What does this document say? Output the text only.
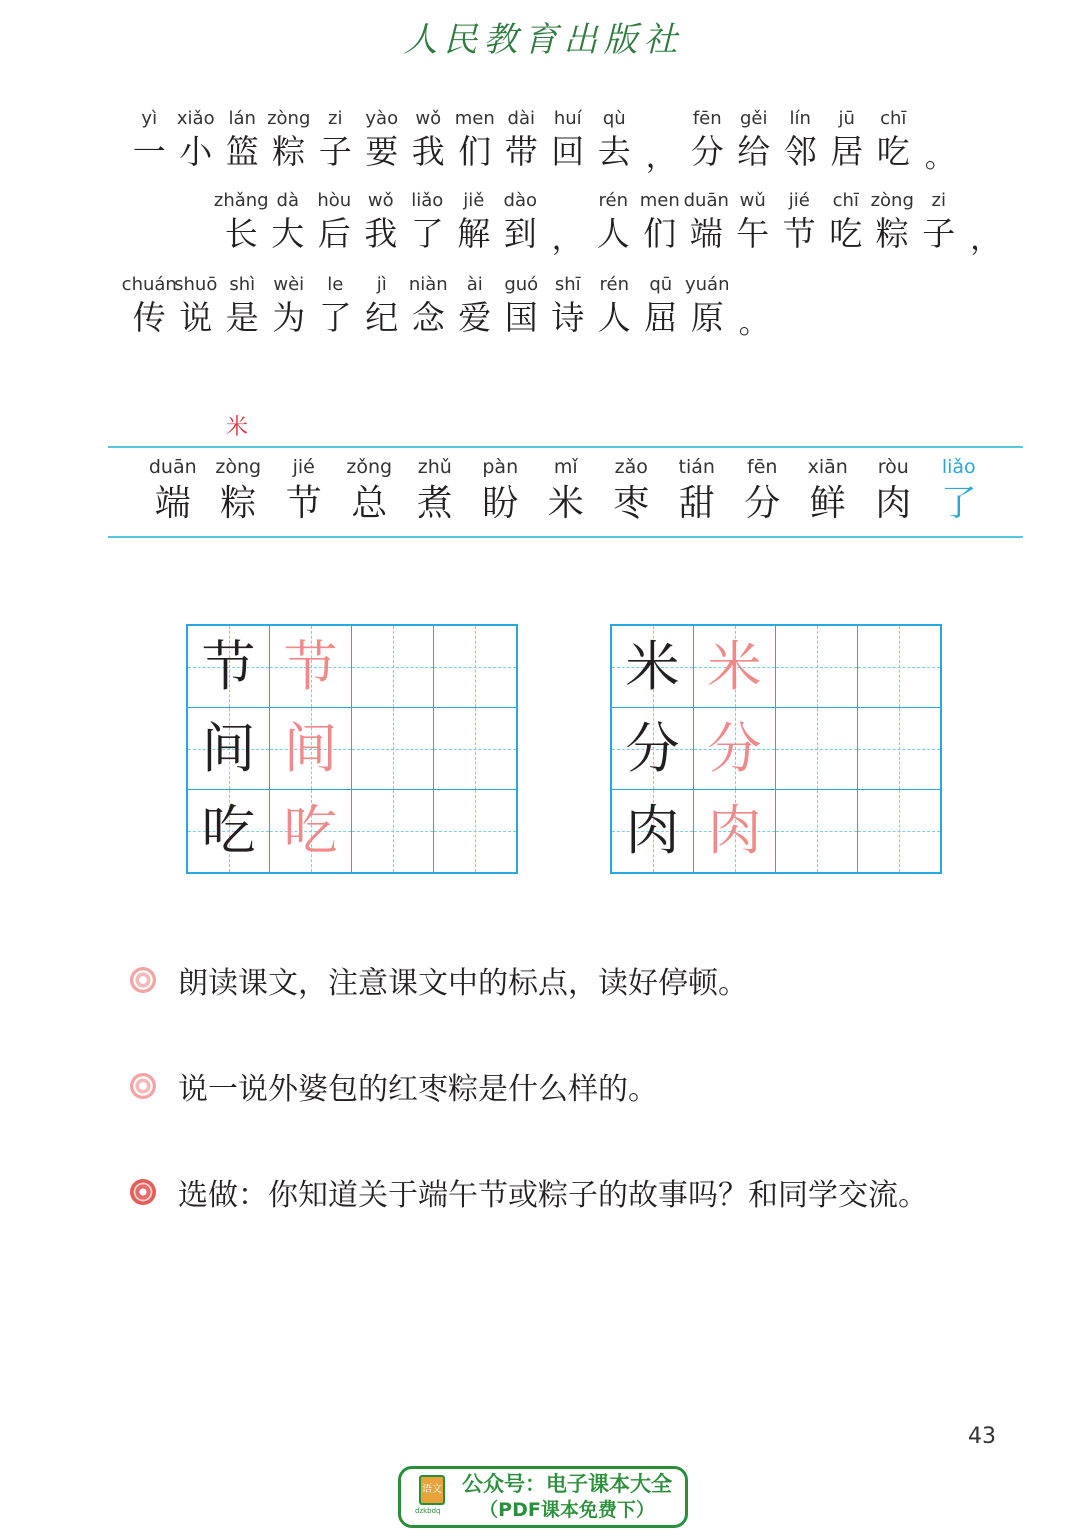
人民教育出版社
yì
一
xiǎo
小
lán
篮
zòng
粽
zi
子
yào
要
wǒ
我
men
们
dài
带
huí
回
qù
去 ，
fēn
分
gěi
给
lín
邻
jū
居
chī
吃 。
zhǎng
长
dà
大
hòu
后
wǒ
我
liǎo
了
jiě
解
dào
到 ，
rén
人
men
们
duān
端
wǔ
午
jié
节
chī
吃
zòng
粽
zi
子 ，
chuán
传
shuō
说
shì
是
wèi
为
le
了
jì
纪
niàn
念
ài
爱
guó
国
shī
诗
rén
人
qū
屈
yuán
原 。
米
duān
端
zòng
粽
jié
节
zǒng
总
zhǔ
煮
pàn
盼
mǐ
米
zǎo
枣
tián
甜
fēn
分
xiān
鲜
ròu
肉
liǎo
了
节 节
间 间
吃 吃
米 米
分 分
肉 肉
朗读课文，注意课文中的标点，读好停顿。
说一说外婆包的红枣粽是什么样的。
选做：你知道关于端午节或粽子的故事吗？和同学交流。
43
语文
dzkbdq
公众号：电子课本大全
（PDF课本免费下）
